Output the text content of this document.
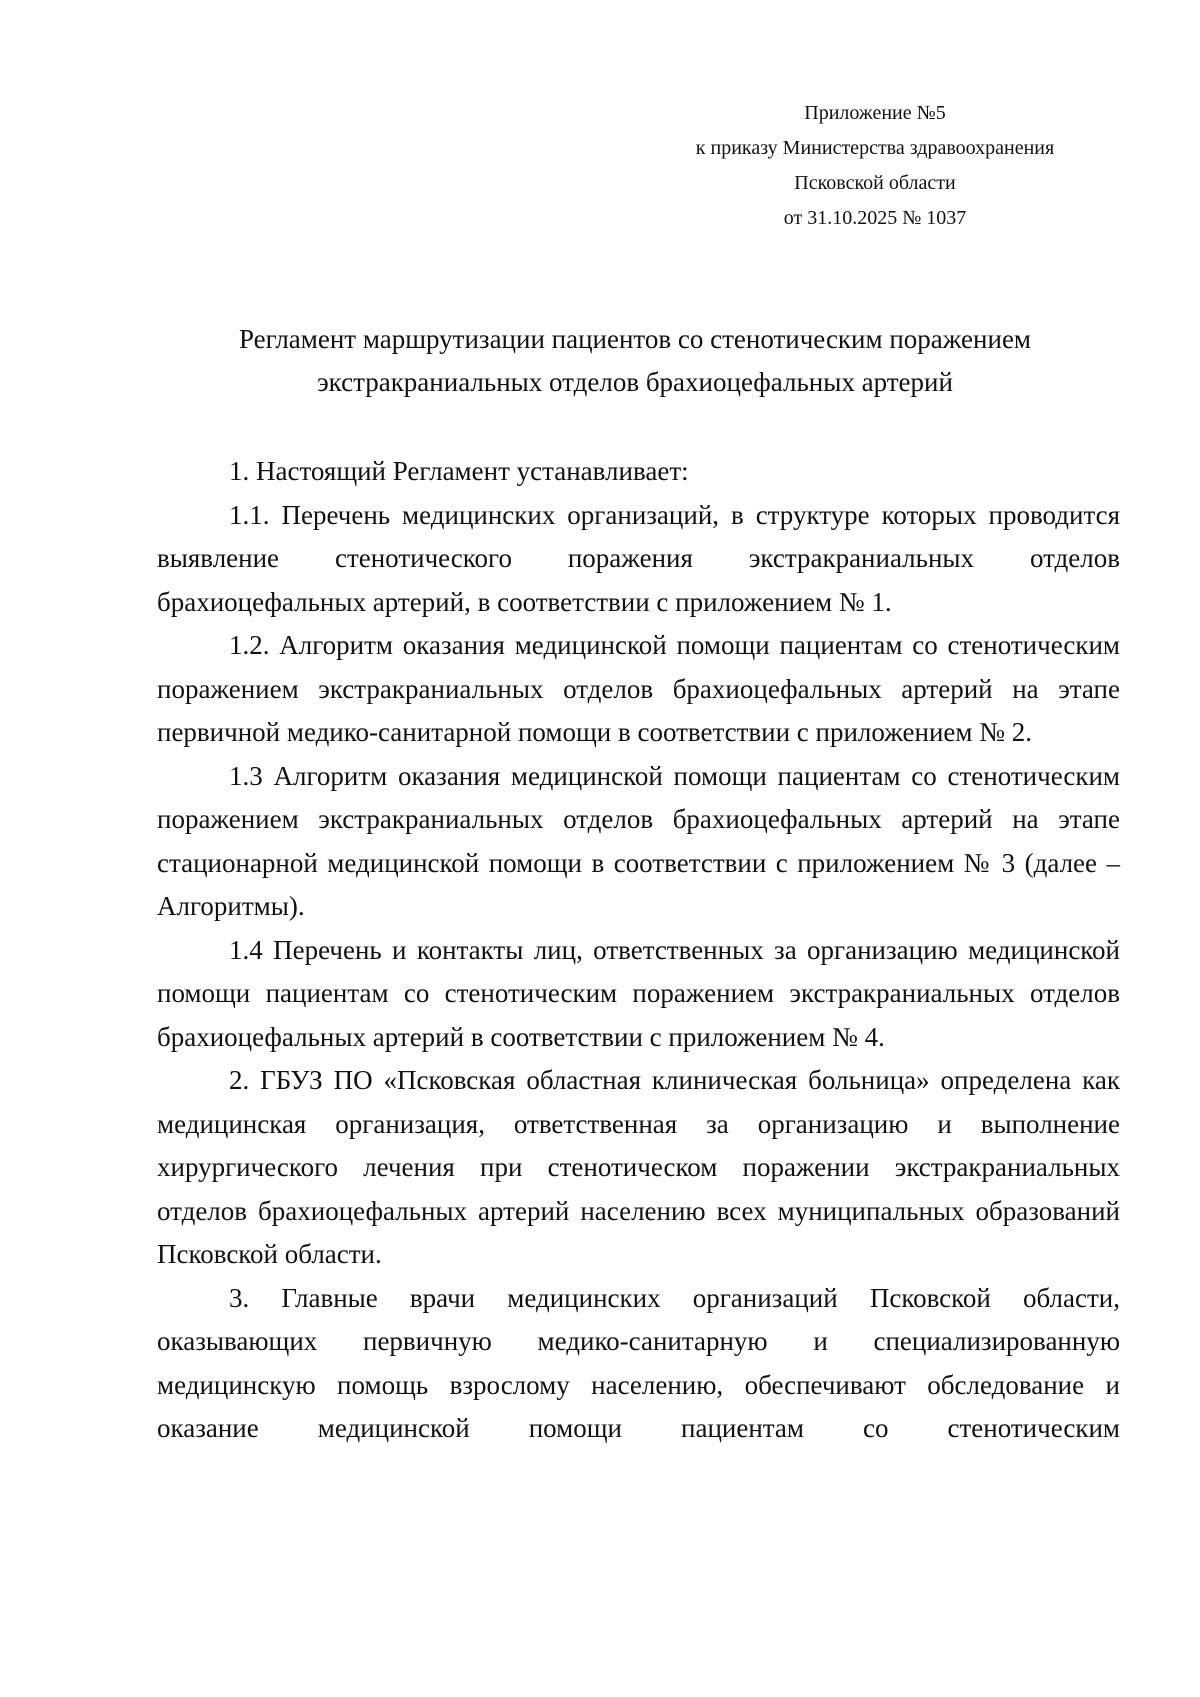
Приложение №5
к приказу Министерства здравоохранения
Псковской области
от 31.10.2025 № 1037
Регламент маршрутизации пациентов со стенотическим поражением
экстракраниальных отделов брахиоцефальных артерий

1. Настоящий Регламент устанавливает:

1.1. Перечень медицинских организаций, в структуре которых проводится выявление стенотического поражения экстракраниальных отделов брахиоцефальных артерий, в соответствии с приложением № 1.

1.2. Алгоритм оказания медицинской помощи пациентам со стенотическим поражением экстракраниальных отделов брахиоцефальных артерий на этапе первичной медико-санитарной помощи в соответствии с приложением № 2.

1.3 Алгоритм оказания медицинской помощи пациентам со стенотическим поражением экстракраниальных отделов брахиоцефальных артерий на этапе стационарной медицинской помощи в соответствии с приложением № 3 (далее – Алгоритмы).

1.4 Перечень и контакты лиц, ответственных за организацию медицинской помощи пациентам со стенотическим поражением экстракраниальных отделов брахиоцефальных артерий в соответствии с приложением № 4.

2. ГБУЗ ПО «Псковская областная клиническая больница» определена как медицинская организация, ответственная за организацию и выполнение хирургического лечения при стенотическом поражении экстракраниальных отделов брахиоцефальных артерий населению всех муниципальных образований Псковской области.

3. Главные врачи медицинских организаций Псковской области, оказывающих первичную медико-санитарную и специализированную медицинскую помощь взрослому населению, обеспечивают обследование и оказание медицинской помощи пациентам со стенотическим
